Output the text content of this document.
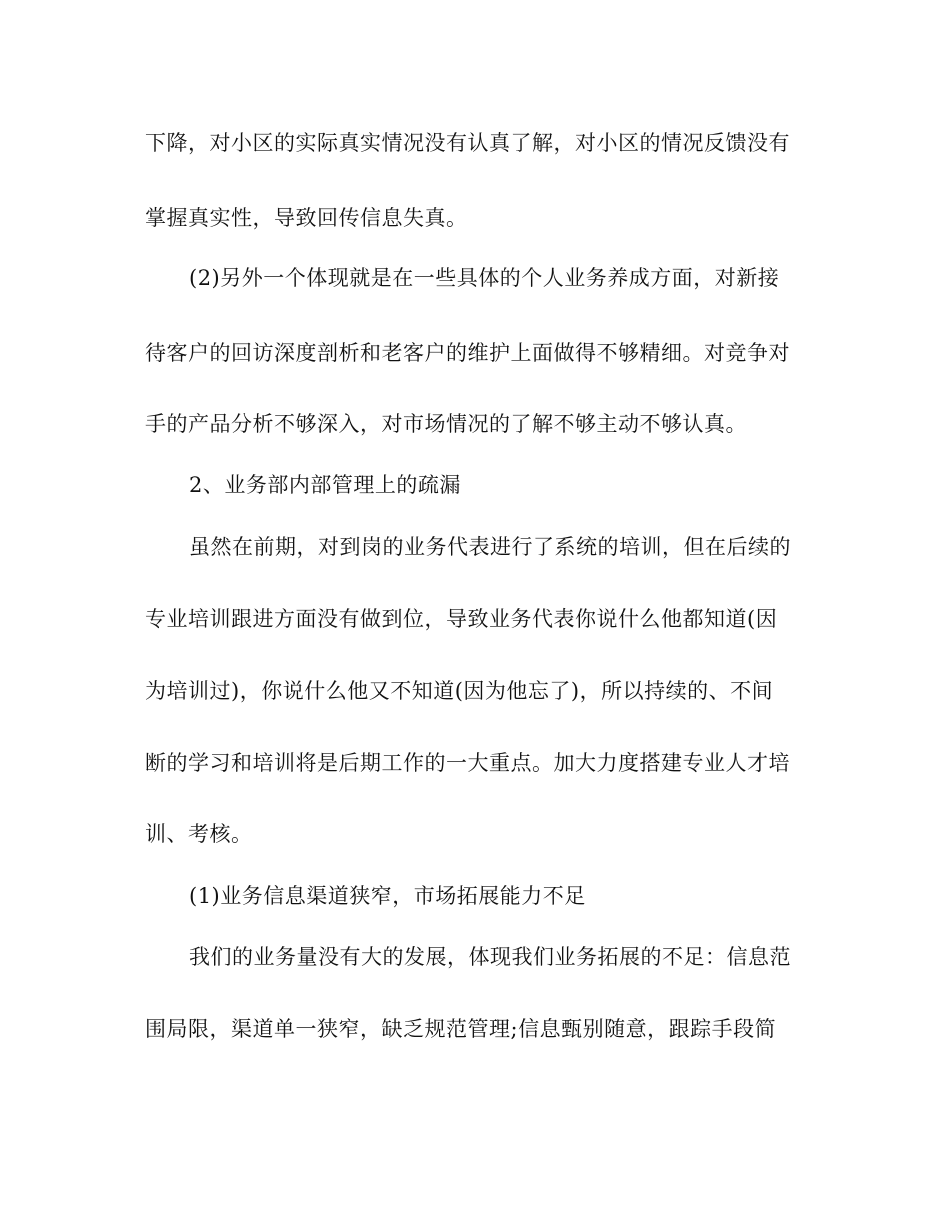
下降，对小区的实际真实情况没有认真了解，对小区的情况反馈没有
掌握真实性，导致回传信息失真。
(2)另外一个体现就是在一些具体的个人业务养成方面，对新接
待客户的回访深度剖析和老客户的维护上面做得不够精细。对竞争对
手的产品分析不够深入，对市场情况的了解不够主动不够认真。
2、业务部内部管理上的疏漏
虽然在前期，对到岗的业务代表进行了系统的培训，但在后续的
专业培训跟进方面没有做到位，导致业务代表你说什么他都知道(因
为培训过)，你说什么他又不知道(因为他忘了)，所以持续的、不间
断的学习和培训将是后期工作的一大重点。加大力度搭建专业人才培
训、考核。
(1)业务信息渠道狭窄，市场拓展能力不足
我们的业务量没有大的发展，体现我们业务拓展的不足：信息范
围局限，渠道单一狭窄，缺乏规范管理;信息甄别随意，跟踪手段简
